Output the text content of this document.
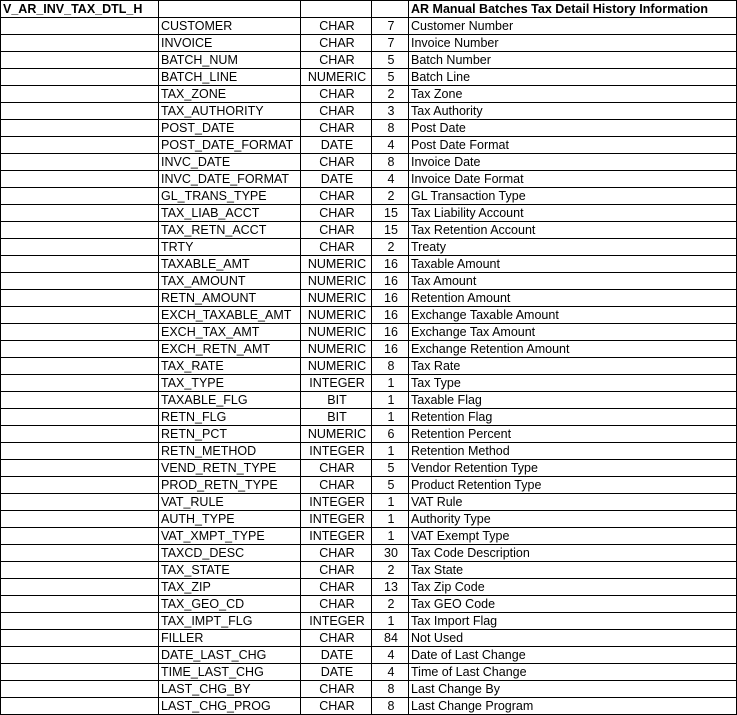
V_AR_INV_TAX_DTL_H				AR Manual Batches Tax Detail History Information
	CUSTOMER	CHAR	7	Customer Number
	INVOICE	CHAR	7	Invoice Number
	BATCH_NUM	CHAR	5	Batch Number
	BATCH_LINE	NUMERIC	5	Batch Line
	TAX_ZONE	CHAR	2	Tax Zone
	TAX_AUTHORITY	CHAR	3	Tax Authority
	POST_DATE	CHAR	8	Post Date
	POST_DATE_FORMAT	DATE	4	Post Date Format
	INVC_DATE	CHAR	8	Invoice Date
	INVC_DATE_FORMAT	DATE	4	Invoice Date Format
	GL_TRANS_TYPE	CHAR	2	GL Transaction Type
	TAX_LIAB_ACCT	CHAR	15	Tax Liability Account
	TAX_RETN_ACCT	CHAR	15	Tax Retention Account
	TRTY	CHAR	2	Treaty
	TAXABLE_AMT	NUMERIC	16	Taxable Amount
	TAX_AMOUNT	NUMERIC	16	Tax Amount
	RETN_AMOUNT	NUMERIC	16	Retention Amount
	EXCH_TAXABLE_AMT	NUMERIC	16	Exchange Taxable Amount
	EXCH_TAX_AMT	NUMERIC	16	Exchange Tax Amount
	EXCH_RETN_AMT	NUMERIC	16	Exchange Retention Amount
	TAX_RATE	NUMERIC	8	Tax Rate
	TAX_TYPE	INTEGER	1	Tax Type
	TAXABLE_FLG	BIT	1	Taxable Flag
	RETN_FLG	BIT	1	Retention Flag
	RETN_PCT	NUMERIC	6	Retention Percent
	RETN_METHOD	INTEGER	1	Retention Method
	VEND_RETN_TYPE	CHAR	5	Vendor Retention Type
	PROD_RETN_TYPE	CHAR	5	Product Retention Type
	VAT_RULE	INTEGER	1	VAT Rule
	AUTH_TYPE	INTEGER	1	Authority Type
	VAT_XMPT_TYPE	INTEGER	1	VAT Exempt Type
	TAXCD_DESC	CHAR	30	Tax Code Description
	TAX_STATE	CHAR	2	Tax State
	TAX_ZIP	CHAR	13	Tax Zip Code
	TAX_GEO_CD	CHAR	2	Tax GEO Code
	TAX_IMPT_FLG	INTEGER	1	Tax Import Flag
	FILLER	CHAR	84	Not Used
	DATE_LAST_CHG	DATE	4	Date of Last Change
	TIME_LAST_CHG	DATE	4	Time of Last Change
	LAST_CHG_BY	CHAR	8	Last Change By
	LAST_CHG_PROG	CHAR	8	Last Change Program
